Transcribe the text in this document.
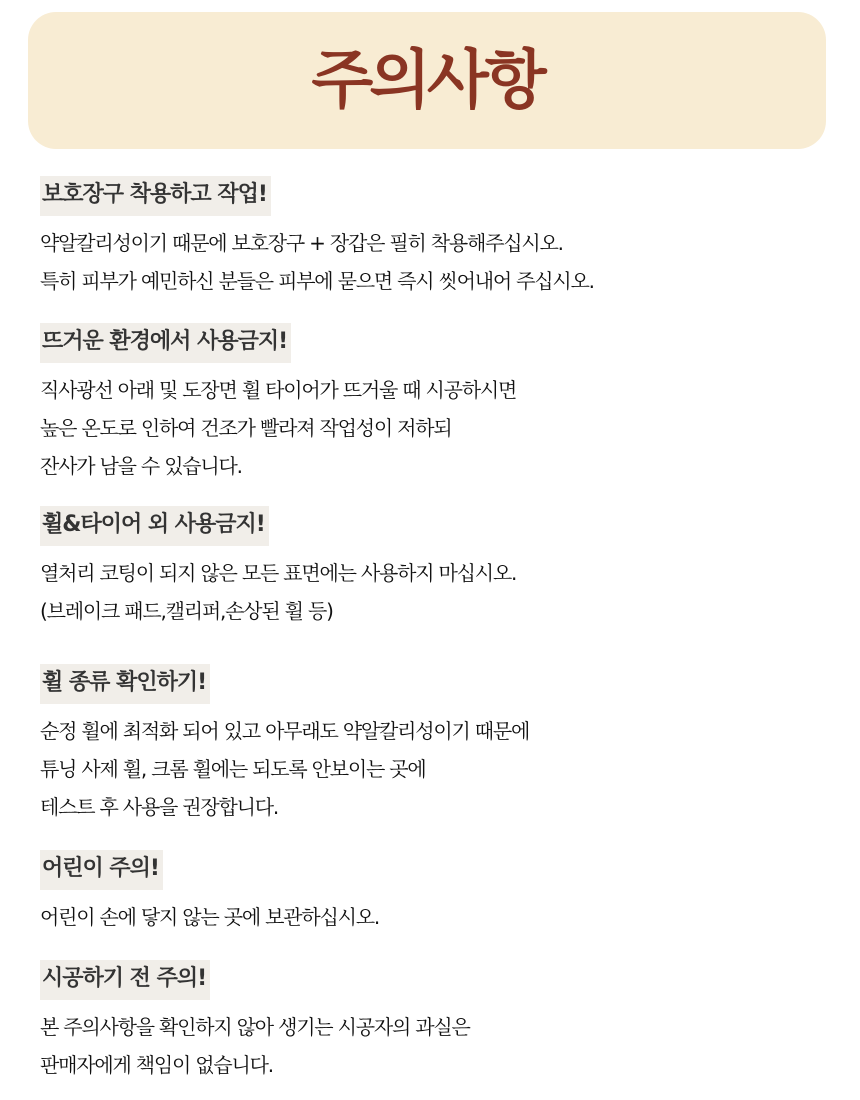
주의사항
보호장구 착용하고 작업!

약알칼리성이기 때문에 보호장구 + 장갑은 필히 착용해주십시오.

특히 피부가 예민하신 분들은 피부에 묻으면 즉시 씻어내어 주십시오.

뜨거운 환경에서 사용금지!

직사광선 아래 및 도장면 휠 타이어가 뜨거울 때 시공하시면

높은 온도로 인하여 건조가 빨라져 작업성이 저하되

잔사가 남을 수 있습니다.

휠&타이어 외 사용금지!

열처리 코팅이 되지 않은 모든 표면에는 사용하지 마십시오.

(브레이크 패드,캘리퍼,손상된 휠 등)

휠 종류 확인하기!

순정 휠에 최적화 되어 있고 아무래도 약알칼리성이기 때문에

튜닝 사제 휠, 크롬 휠에는 되도록 안보이는 곳에

테스트 후 사용을 권장합니다.

어린이 주의!

어린이 손에 닿지 않는 곳에 보관하십시오.

시공하기 전 주의!

본 주의사항을 확인하지 않아 생기는 시공자의 과실은

판매자에게 책임이 없습니다.
